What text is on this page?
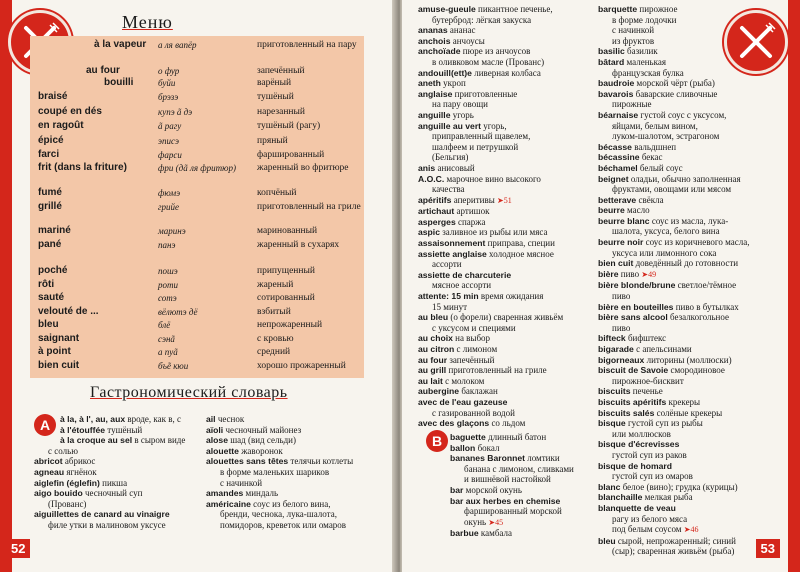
Меню
à la vapeur а ля вапёр	приготовленный на пару
au four	о фур	запечённый
bouilli	буйи	варёный
braisé	брэзэ	тушёный
coupé en dés	купэ ã дэ	нарезанный
en ragoût	ã рагу	тушёный (рагу)
épicé	эписэ	пряный
farci	фарси	фаршированный
frit (dans la friture)	фри (дã ля фритюр) жаренный во фритюре
fumé	фюмэ	копчёный
grillé	грийе	приготовленный на гриле
mariné	маринэ	маринованный
pané	панэ	жаренный в сухарях
poché	пошэ	припущенный
rôti	роти	жареный
sauté	сотэ	сотированный
velouté de ...	вёлютэ дё	взбитый
bleu	блё	непрожаренный
saignant	сэнã	с кровью
à point	а пуã	средний
bien cuit	бъẽ кюи	хорошо прожаренный
Гастрономический словарь
A	à la, à l', au, aux вроде, как в, с
à l'étouffée тушёный
à la croque au sel в сыром виде
с солью
abricot абрикос
agneau ягнёнок
aiglefin (églefin) пикша
aigo bouido чесночный суп
(Прованс)
aiguillettes de canard au vinaigre
филе утки в малиновом уксусе
ail чеснок
aïoli чесночный майонез
alose шад (вид сельди)
alouette жаворонок
alouettes sans têtes телячьи котлеты
в форме маленьких шариков
с начинкой
amandes миндаль
américaine соус из белого вина,
бренди, чеснока, лука-шалота,
помидоров, креветок или омаров
52
amuse-gueule пикантное печенье,
бутерброд: лёгкая закуска
ananas ананас
anchois анчоусы
anchoïade пюре из анчоусов
в оливковом масле (Прованс)
andouill(ett)e ливерная колбаса
aneth укроп
anglaise приготовленные
на пару овощи
anguille угорь
anguille au vert угорь,
приправленный щавелем,
шалфеем и петрушкой
(Бельгия)
anis анисовый
A.O.C. марочное вино высокого
качества
apéritifs аперитивы ➤51
artichaut артишок
asperges спаржа
aspic заливное из рыбы или мяса
assaisonnement приправа, специи
assiette anglaise холодное мясное
ассорти
assiette de charcuterie
мясное ассорти
attente: 15 min время ожидания
15 минут
au bleu (о форели) сваренная живьём
с уксусом и специями
au choix на выбор
au citron с лимоном
au four запечённый
au grill приготовленный на гриле
au lait с молоком
aubergine баклажан
avec de l'eau gazeuse
с газированной водой
avec des glaçons со льдом
B baguette длинный батон
ballon бокал
bananes Baronnet ломтики
банана с лимоном, сливками
и вишнёвой настойкой
bar морской окунь
bar aux herbes en chemise
фаршированный морской
окунь ➤45
barbue камбала
barquette пирожное
в форме лодочки
с начинкой
из фруктов
basilic базилик
bâtard маленькая
французская булка
baudroie морской чёрт (рыба)
bavarois баварские сливочные
пирожные
béarnaise густой соус с уксусом,
яйцами, белым вином,
луком-шалотом, эстрагоном
bécasse вальдшнеп
bécassine бекас
béchamel белый соус
beignet оладьи, обычно заполненная
фруктами, овощами или мясом
betterave свёкла
beurre масло
beurre blanc соус из масла, лука-
шалота, уксуса, белого вина
beurre noir соус из коричневого масла,
уксуса или лимонного сока
bien cuit доведённый до готовности
bière пиво ➤49
bière blonde/brune светлое/тёмное
пиво
bière en bouteilles пиво в бутылках
bière sans alcool безалкогольное
пиво
bifteck бифштекс
bigarade с апельсинами
bigorneaux литорины (моллюски)
biscuit de Savoie смородиновое
пирожное-бисквит
biscuits печенье
biscuits apéritifs крекеры
biscuits salés солёные крекеры
bisque густой суп из рыбы
или моллюсков
bisque d'écrevisses
густой суп из раков
bisque de homard
густой суп из омаров
blanc белое (вино); грудка (курицы)
blanchaille мелкая рыба
blanquette de veau
рагу из белого мяса
под белым соусом ➤46
bleu сырой, непрожаренный; синий
(сыр); сваренная живьём (рыба)	53
